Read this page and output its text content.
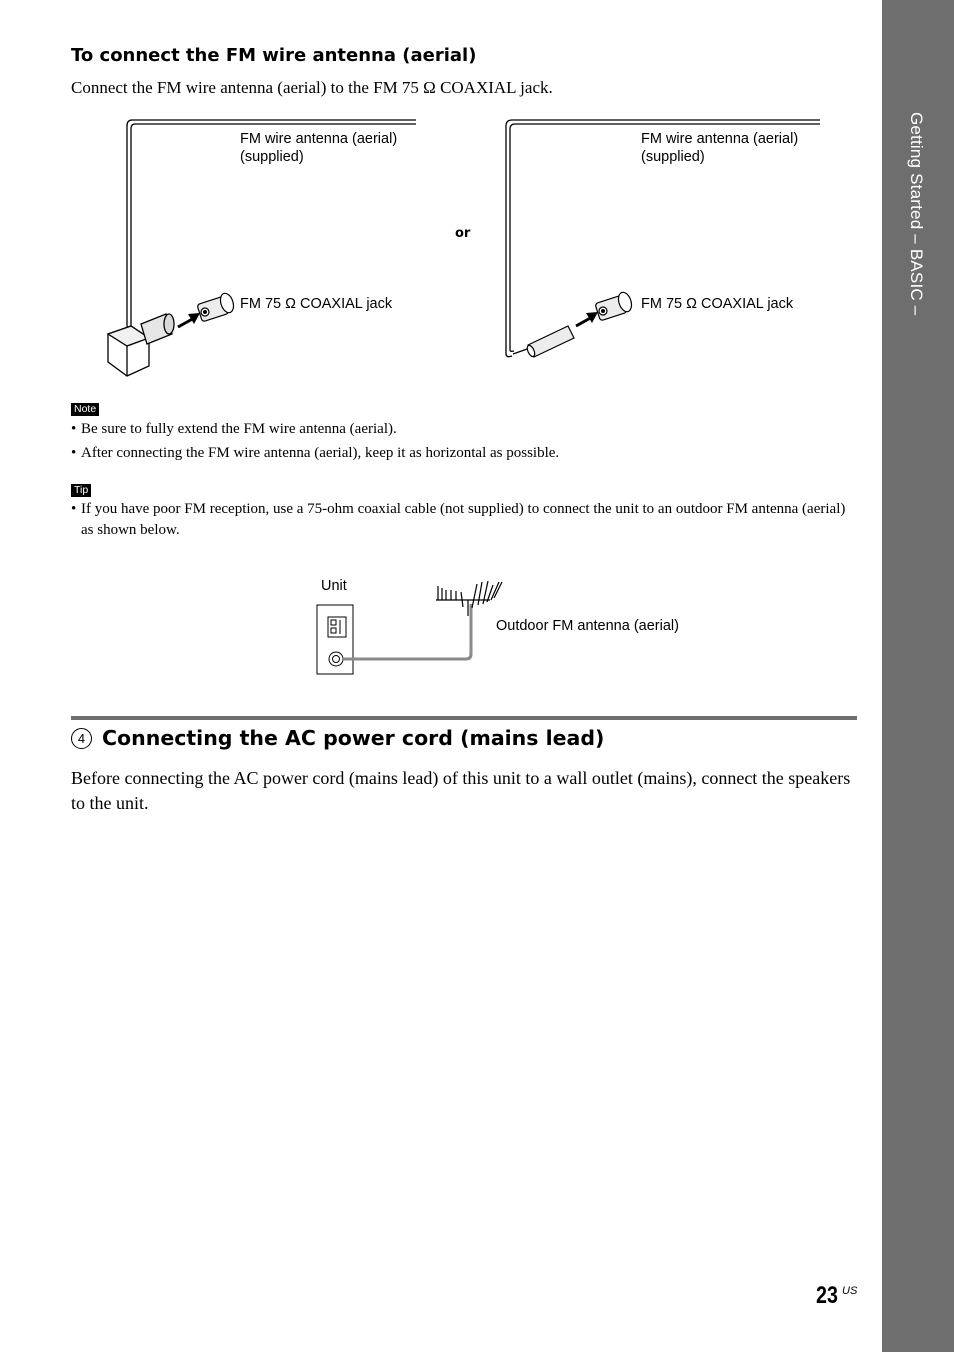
Getting Started – BASIC –
To connect the FM wire antenna (aerial)

Connect the FM wire antenna (aerial) to the FM 75 Ω COAXIAL jack.

FM wire antenna (aerial)
(supplied)
FM 75 Ω COAXIAL jack
or
FM wire antenna (aerial)
(supplied)
FM 75 Ω COAXIAL jack
Note
• Be sure to fully extend the FM wire antenna (aerial).
• After connecting the FM wire antenna (aerial), keep it as horizontal as possible.
Tip
• If you have poor FM reception, use a 75-ohm coaxial cable (not supplied) to connect the unit to an outdoor FM antenna (aerial) as shown below.
Unit
Outdoor FM antenna (aerial)
4 Connecting the AC power cord (mains lead)

Before connecting the AC power cord (mains lead) of this unit to a wall outlet (mains), connect the speakers to the unit.

23 US
